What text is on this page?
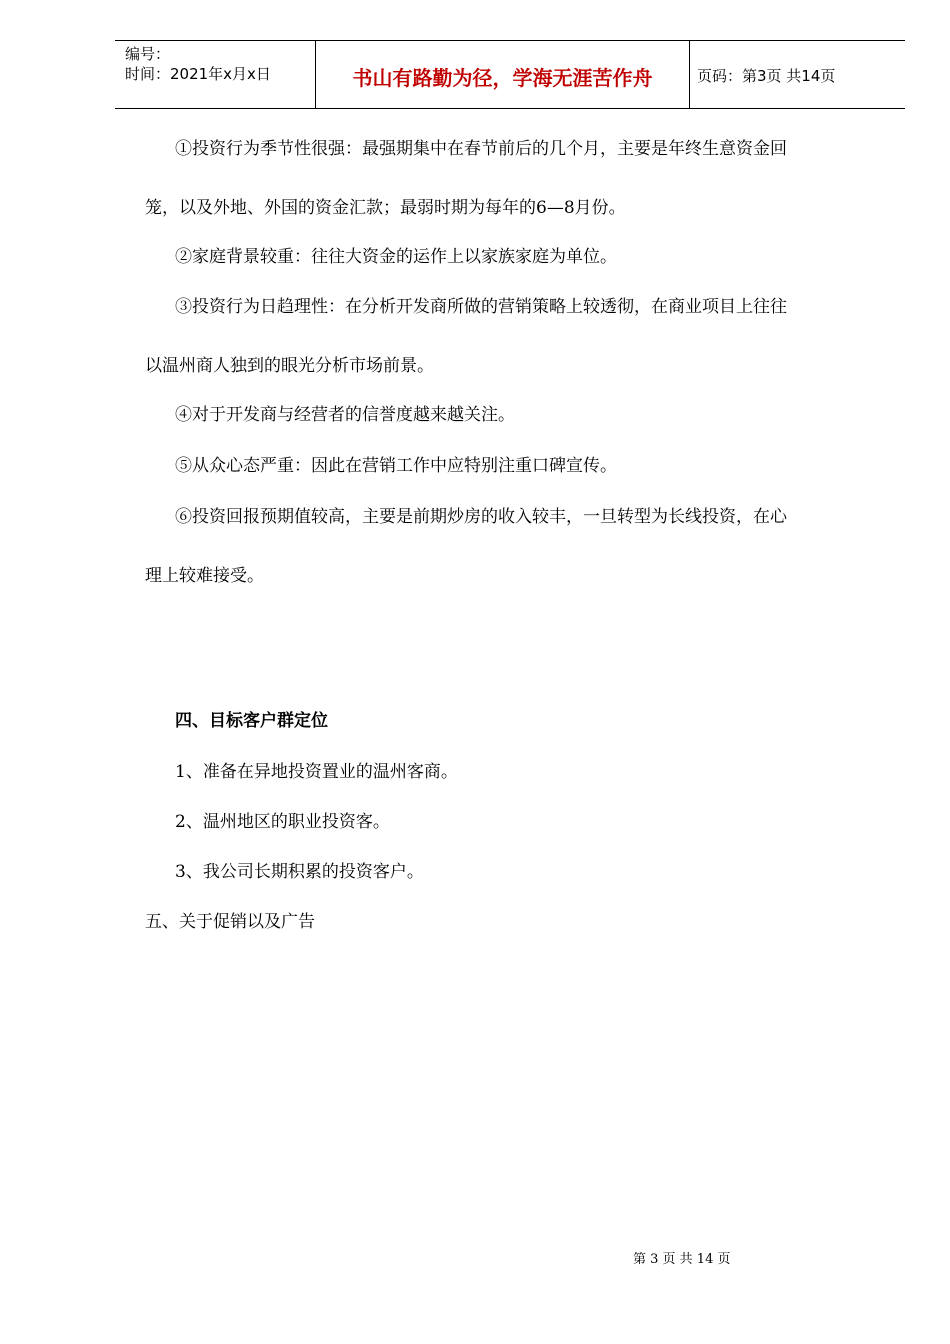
编号：
时间：2021年x月x日	书山有路勤为径，学海无涯苦作舟	页码：第3页 共14页
①投资行为季节性很强：最强期集中在春节前后的几个月，主要是年终生意资金回
笼，以及外地、外国的资金汇款；最弱时期为每年的6—8月份。
②家庭背景较重：往往大资金的运作上以家族家庭为单位。
③投资行为日趋理性：在分析开发商所做的营销策略上较透彻，在商业项目上往往
以温州商人独到的眼光分析市场前景。
④对于开发商与经营者的信誉度越来越关注。
⑤从众心态严重：因此在营销工作中应特别注重口碑宣传。
⑥投资回报预期值较高，主要是前期炒房的收入较丰，一旦转型为长线投资，在心
理上较难接受。
四、目标客户群定位
1、准备在异地投资置业的温州客商。
2、温州地区的职业投资客。
3、我公司长期积累的投资客户。
五、关于促销以及广告
第 3 页 共 14 页
